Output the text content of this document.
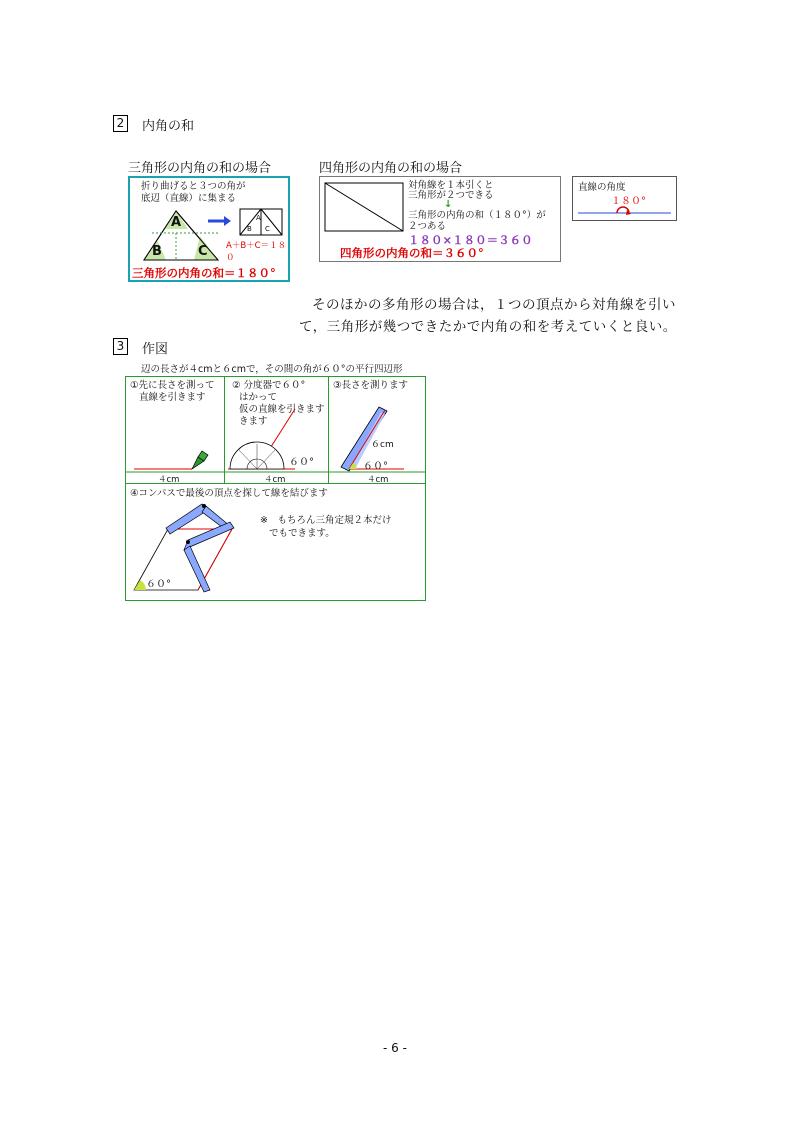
2 内角の和
三角形の内角の和の場合	四角形の内角の和の場合
折り曲げると３つの角が
底辺（直線）に集まる
A
B	C
A
B C
A＋B＋C＝１８０
三角形の内角の和＝１８０°
対角線を１本引くと
三角形が２つできる
↓
三角形の内角の和（１８０°）が
２つある
１８０×１８０＝３６０
四角形の内角の和＝３６０°
直線の角度
１８０°
そのほかの多角形の場合は，１つの頂点から対角線を引い
て，三角形が幾つできたかで内角の和を考えていくと良い。
3 作図
辺の長さが４cmと６cmで，その間の角が６０°の平行四辺形
①先に長さを測って
直線を引きます
４cm
② 分度器で６０°
はかって
仮の直線を引きます
きます
６０°
４cm
③長さを測ります
６cm
６０°
４cm
④コンパスで最後の頂点を探して線を結びます
※　もちろん三角定規２本だけ
でもできます。
６０°
- 6 -
